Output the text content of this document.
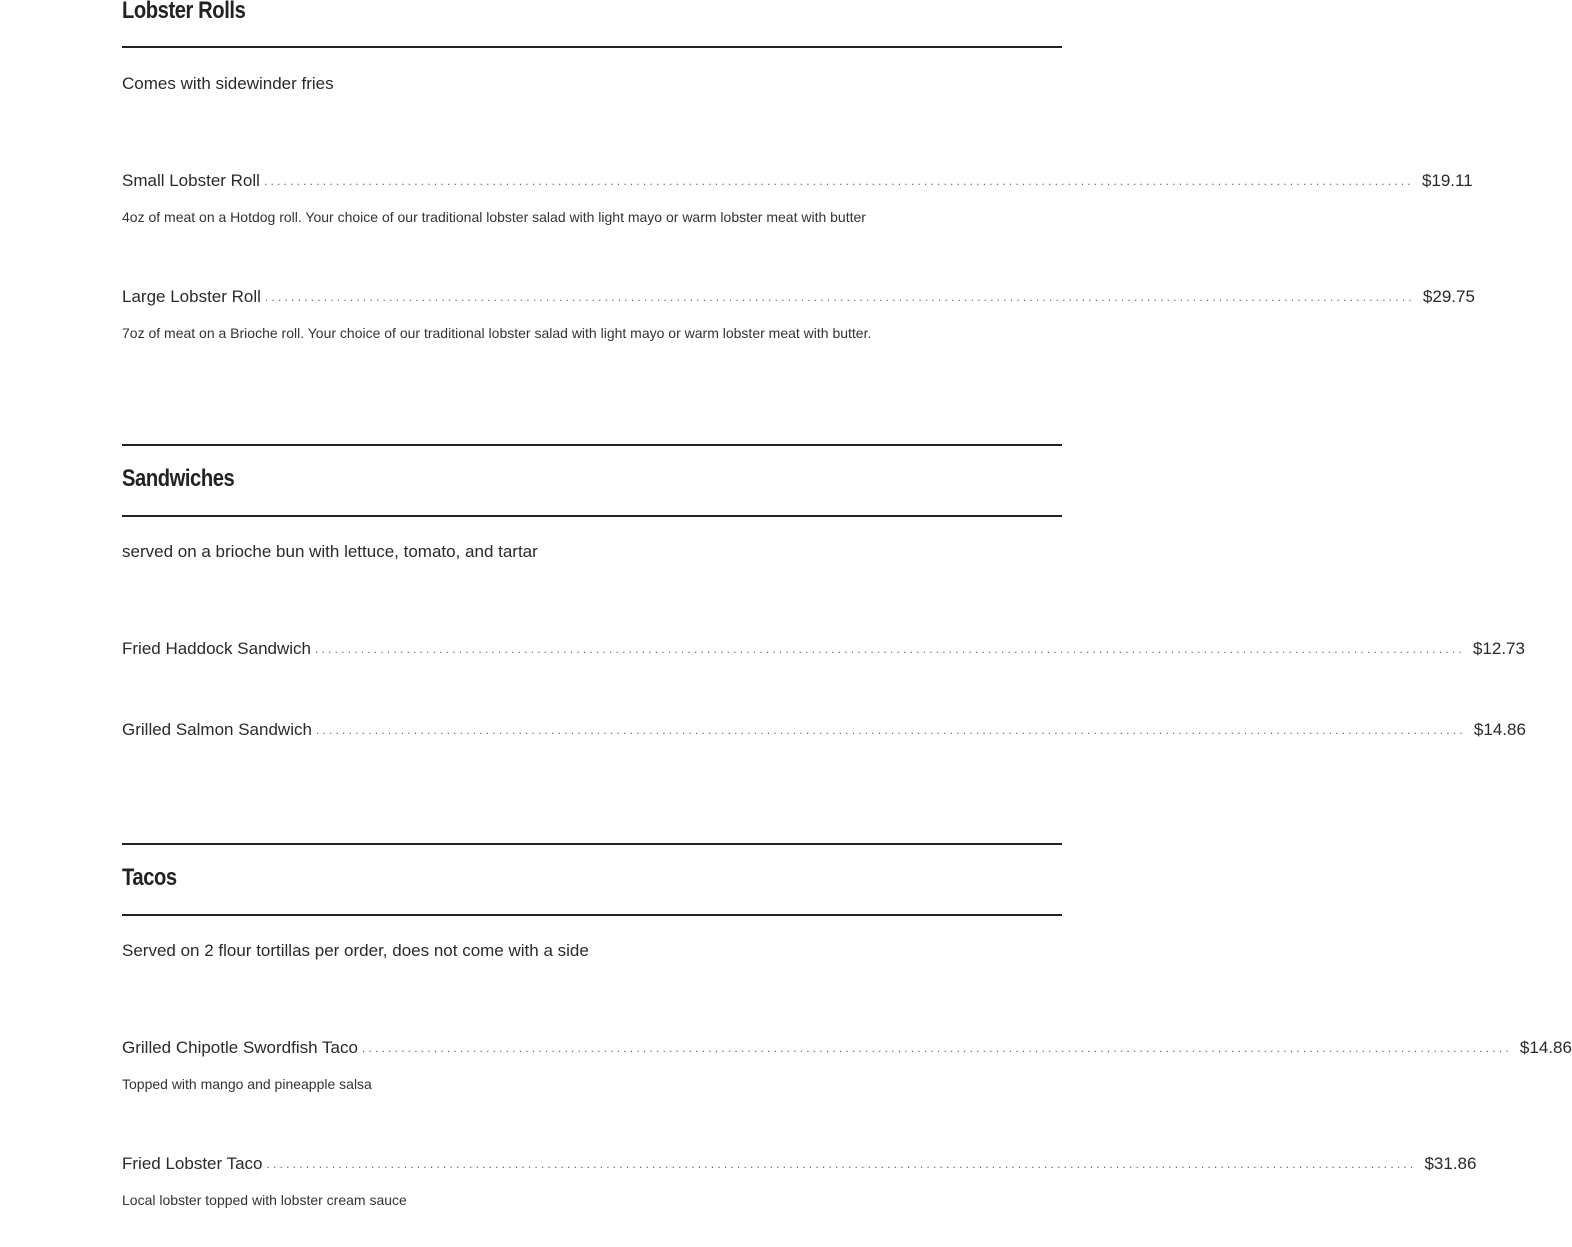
Lobster Rolls
Comes with sidewinder fries
Small Lobster Roll ................................................................................................................................................................................ $19.11
4oz of meat on a Hotdog roll. Your choice of our traditional lobster salad with light mayo or warm lobster meat with butter
Large Lobster Roll ................................................................................................................................................................................ $29.75
7oz of meat on a Brioche roll. Your choice of our traditional lobster salad with light mayo or warm lobster meat with butter.
Sandwiches
served on a brioche bun with lettuce, tomato, and tartar
Fried Haddock Sandwich ................................................................................................................................................................................ $12.73
Grilled Salmon Sandwich ................................................................................................................................................................................ $14.86
Tacos
Served on 2 flour tortillas per order, does not come with a side
Grilled Chipotle Swordfish Taco ................................................................................................................................................................................ $14.86
Topped with mango and pineapple salsa
Fried Lobster Taco ................................................................................................................................................................................ $31.86
Local lobster topped with lobster cream sauce
